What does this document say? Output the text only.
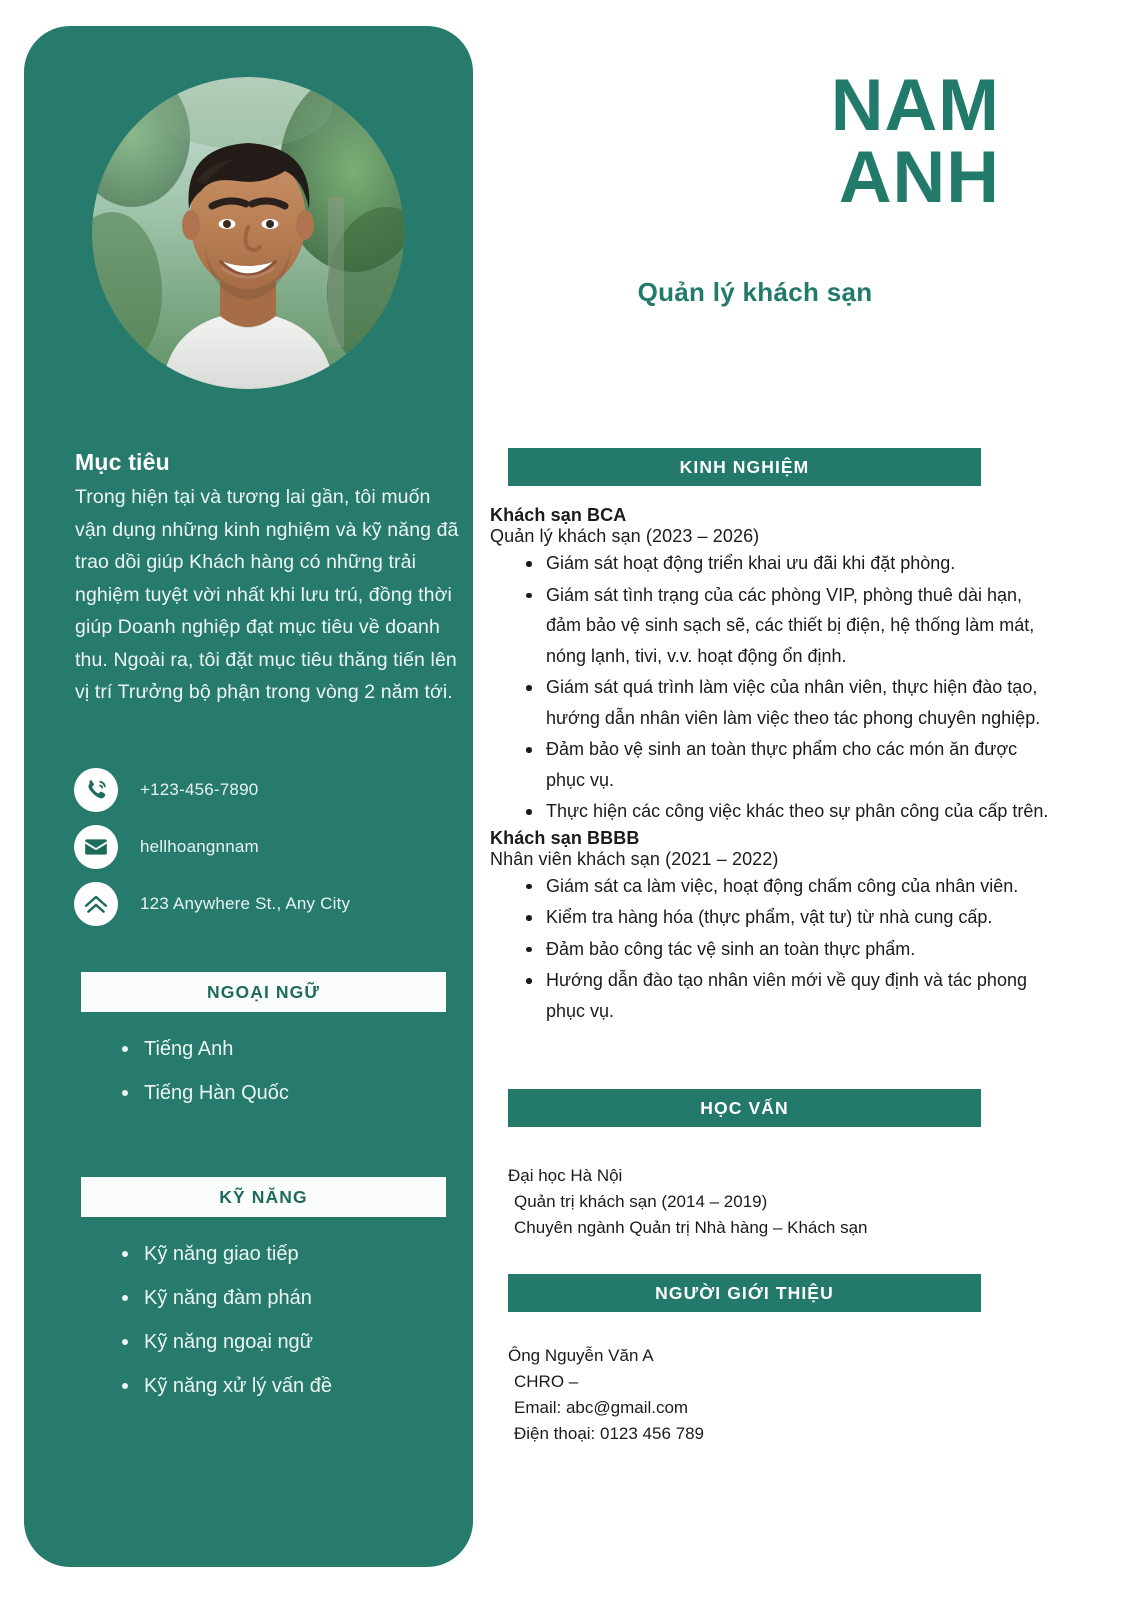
Mục tiêu
Trong hiện tại và tương lai gần, tôi muốn vận dụng những kinh nghiệm và kỹ năng đã trao dồi giúp Khách hàng có những trải nghiệm tuyệt vời nhất khi lưu trú, đồng thời giúp Doanh nghiệp đạt mục tiêu về doanh thu. Ngoài ra, tôi đặt mục tiêu thăng tiến lên vị trí Trưởng bộ phận trong vòng 2 năm tới.
+123-456-7890
hellhoangnnam
123 Anywhere St., Any City
NGOẠI NGỮ
Tiếng Anh
Tiếng Hàn Quốc
KỸ NĂNG
Kỹ năng giao tiếp
Kỹ năng đàm phán
Kỹ năng ngoại ngữ
Kỹ năng xử lý vấn đề
NAM
ANH
Quản lý khách sạn
KINH NGHIỆM
Khách sạn BCA
Quản lý khách sạn (2023 – 2026)
Giám sát hoạt động triển khai ưu đãi khi đặt phòng.
Giám sát tình trạng của các phòng VIP, phòng thuê dài hạn, đảm bảo vệ sinh sạch sẽ, các thiết bị điện, hệ thống làm mát, nóng lạnh, tivi, v.v. hoạt động ổn định.
Giám sát quá trình làm việc của nhân viên, thực hiện đào tạo, hướng dẫn nhân viên làm việc theo tác phong chuyên nghiệp.
Đảm bảo vệ sinh an toàn thực phẩm cho các món ăn được phục vụ.
Thực hiện các công việc khác theo sự phân công của cấp trên.
Khách sạn BBBB
Nhân viên khách sạn (2021 – 2022)
Giám sát ca làm việc, hoạt động chấm công của nhân viên.
Kiểm tra hàng hóa (thực phẩm, vật tư) từ nhà cung cấp.
Đảm bảo công tác vệ sinh an toàn thực phẩm.
Hướng dẫn đào tạo nhân viên mới về quy định và tác phong phục vụ.
HỌC VẤN
Đại học Hà Nội
Quản trị khách sạn (2014 – 2019)
Chuyên ngành Quản trị Nhà hàng – Khách sạn
NGƯỜI GIỚI THIỆU
Ông Nguyễn Văn A
CHRO –
Email: abc@gmail.com
Điện thoại: 0123 456 789
